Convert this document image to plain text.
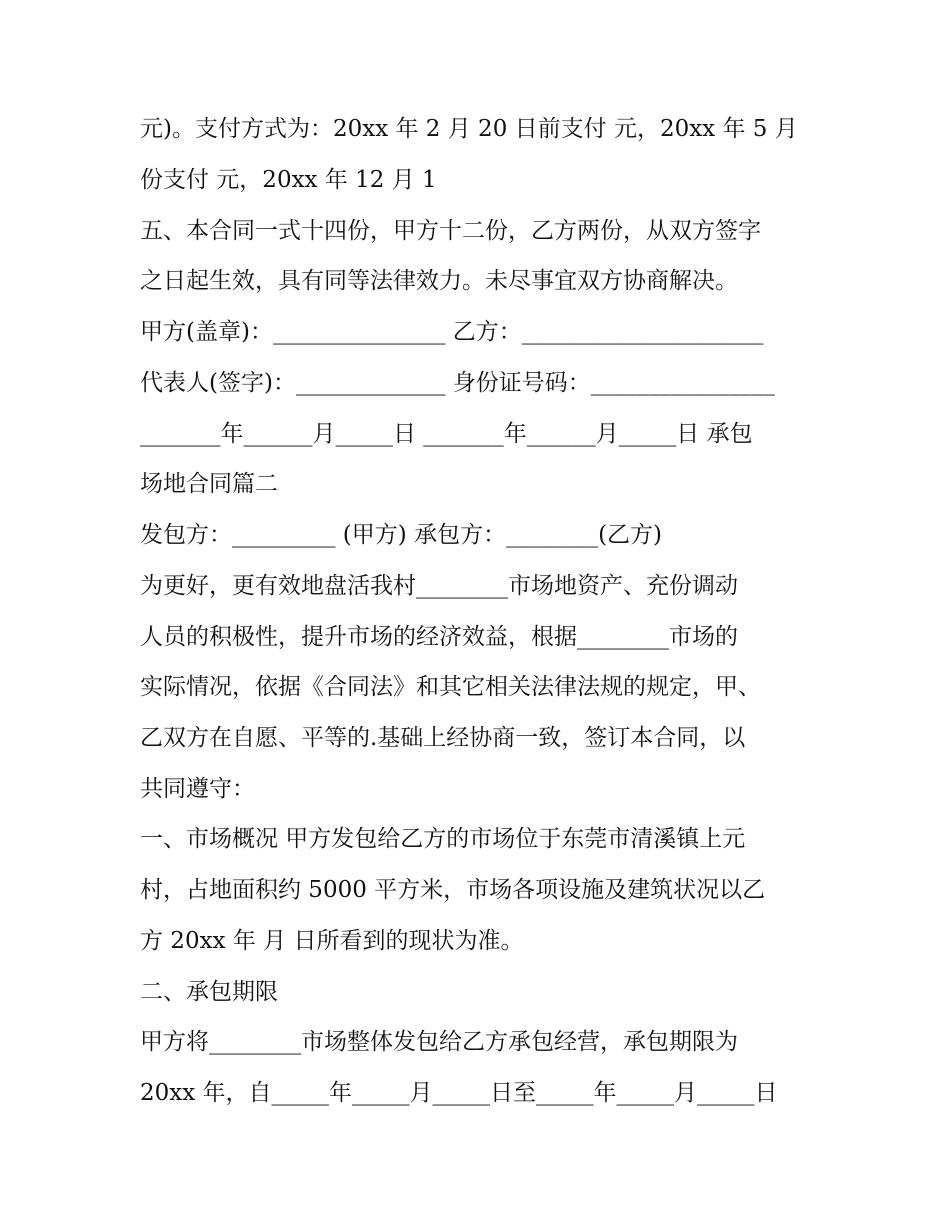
元)。支付方式为：20xx 年 2 月 20 日前支付 元，20xx 年 5 月
份支付 元，20xx 年 12 月 1
五、本合同一式十四份，甲方十二份，乙方两份，从双方签字
之日起生效，具有同等法律效力。未尽事宜双方协商解决。
甲方(盖章)：_______________ 乙方：_____________________
代表人(签字)：_____________ 身份证号码：________________
_______年______月_____日 _______年______月_____日 承包
场地合同篇二
发包方：_________ (甲方) 承包方：________(乙方)
为更好，更有效地盘活我村________市场地资产、充份调动
人员的积极性，提升市场的经济效益，根据________市场的
实际情况，依据《合同法》和其它相关法律法规的规定，甲、
乙双方在自愿、平等的.基础上经协商一致，签订本合同，以
共同遵守：
一、市场概况 甲方发包给乙方的市场位于东莞市清溪镇上元
村，占地面积约 5000 平方米，市场各项设施及建筑状况以乙
方 20xx 年 月 日所看到的现状为准。
二、承包期限
甲方将________市场整体发包给乙方承包经营，承包期限为
20xx 年，自_____年_____月_____日至_____年_____月_____日
